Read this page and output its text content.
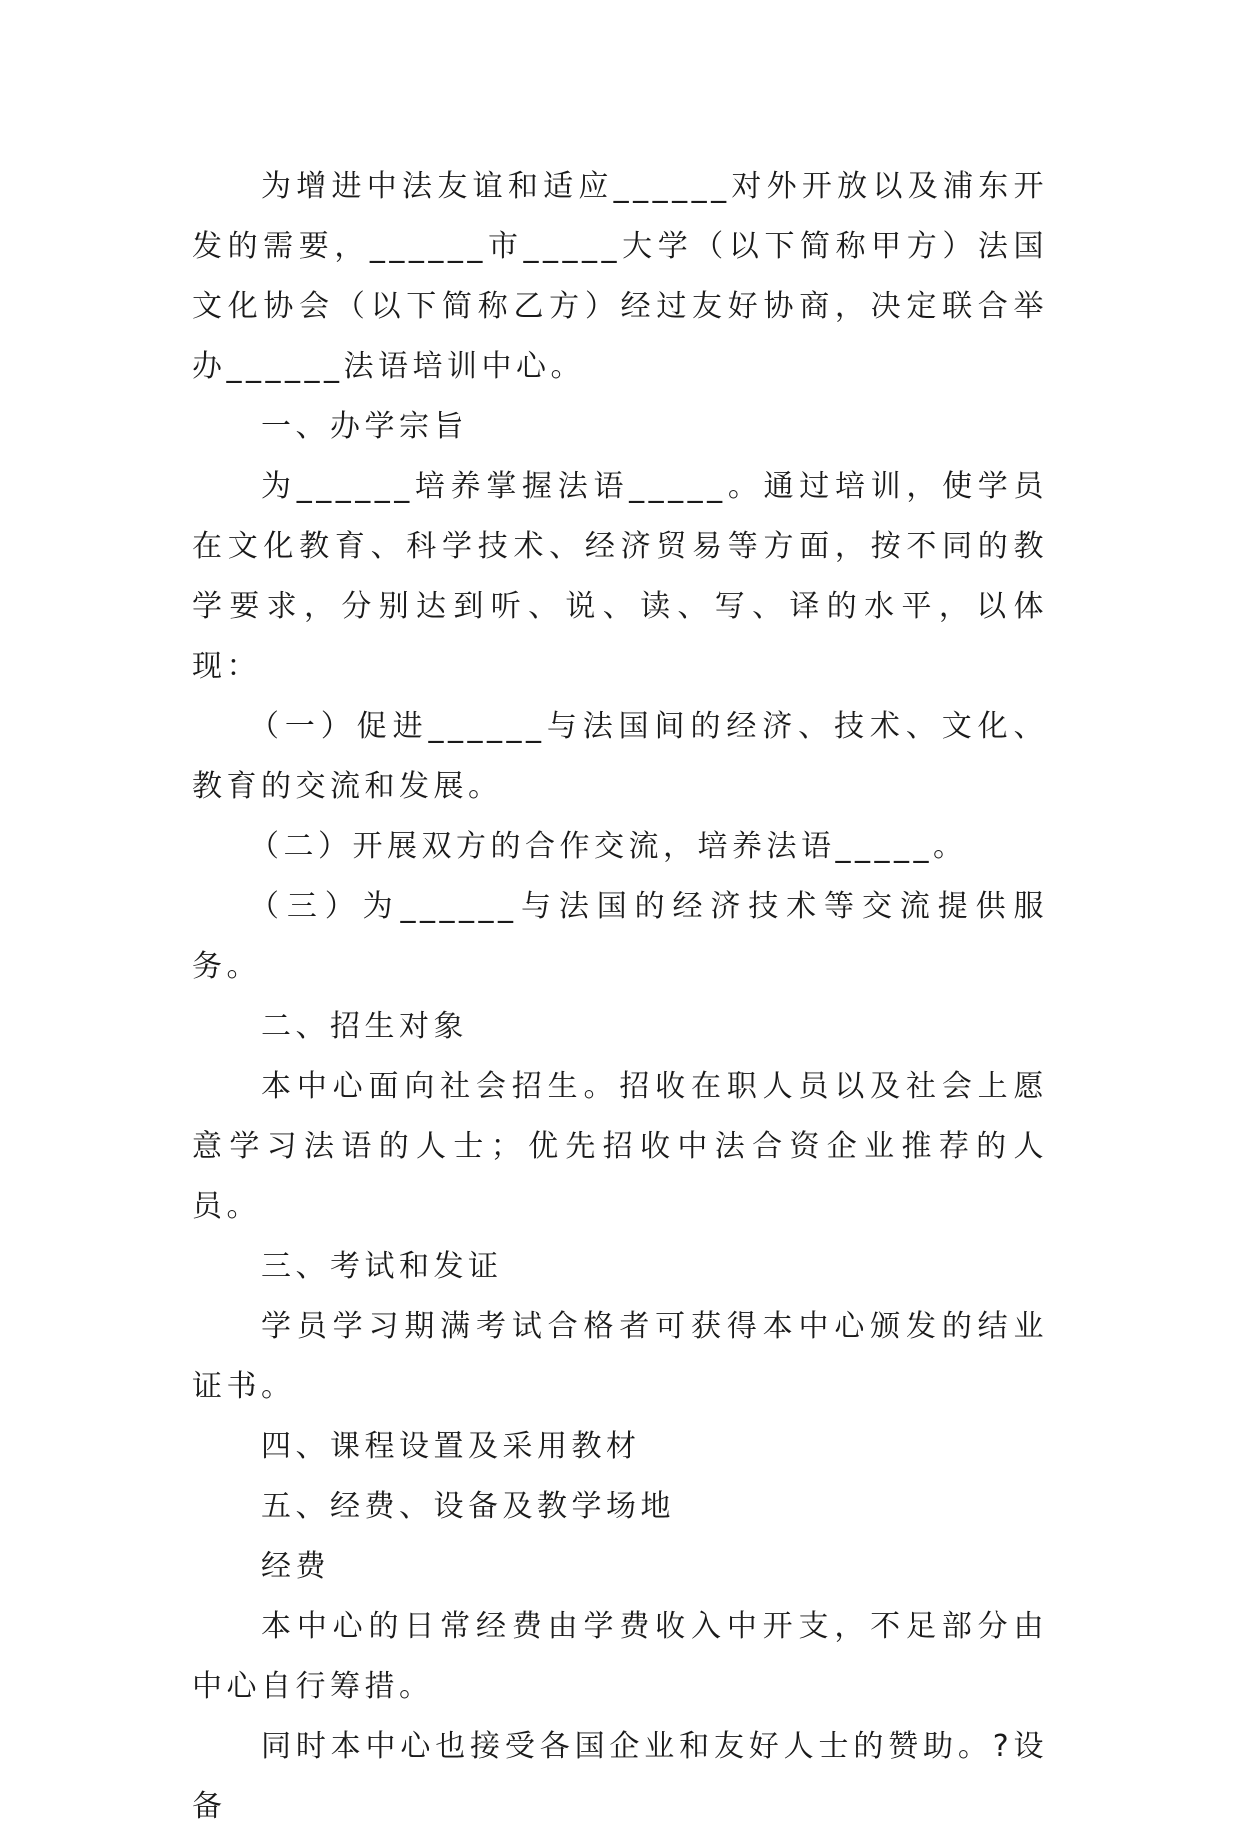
为增进中法友谊和适应______对外开放以及浦东开发的需要，______市_____大学（以下简称甲方）法国文化协会（以下简称乙方）经过友好协商，决定联合举办______法语培训中心。

一、办学宗旨

为______培养掌握法语_____。通过培训，使学员在文化教育、科学技术、经济贸易等方面，按不同的教学要求，分别达到听、说、读、写、译的水平，以体现：

（一）促进______与法国间的经济、技术、文化、教育的交流和发展。

（二）开展双方的合作交流，培养法语_____。

（三）为______与法国的经济技术等交流提供服务。

二、招生对象

本中心面向社会招生。招收在职人员以及社会上愿意学习法语的人士；优先招收中法合资企业推荐的人员。

三、考试和发证

学员学习期满考试合格者可获得本中心颁发的结业证书。

四、课程设置及采用教材

五、经费、设备及教学场地

经费

本中心的日常经费由学费收入中开支，不足部分由中心自行筹措。

同时本中心也接受各国企业和友好人士的赞助。?设备
